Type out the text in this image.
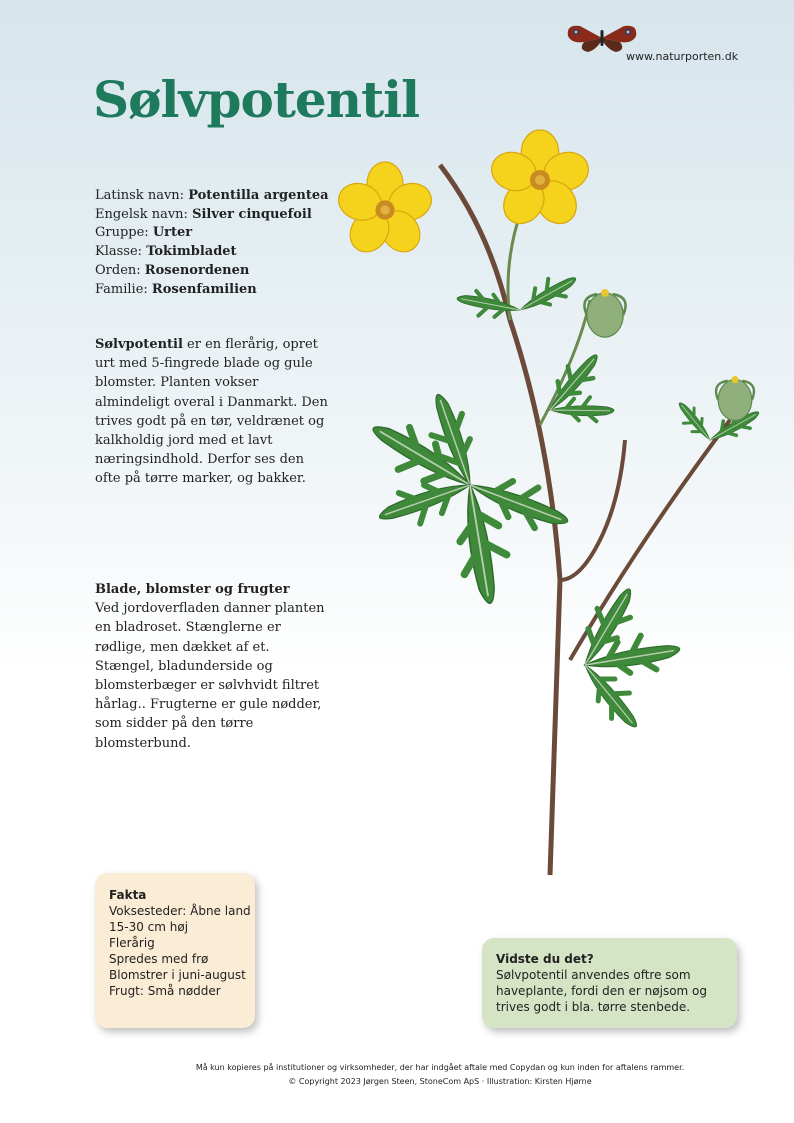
www.naturporten.dk
Sølvpotentil
Latinsk navn: Potentilla argentea
Engelsk navn: Silver cinquefoil
Gruppe: Urter
Klasse: Tokimbladet
Orden: Rosenordenen
Familie: Rosenfamilien

Sølvpotentil er en flerårig, opret urt med 5-fingrede blade og gule blomster. Planten vokser almindeligt overal i Danmarkt. Den trives godt på en tør, veldrænet og kalkholdig jord med et lavt næringsindhold. Derfor ses den ofte på tørre marker, og bakker.

Blade, blomster og frugter

Ved jordoverfladen danner planten en bladroset. Stænglerne er rødlige, men dækket af et. Stængel, bladunderside og blomsterbæger er sølvhvidt filtret hårlag.. Frugterne er gule nødder, som sidder på den tørre blomsterbund.

Fakta
Voksesteder: Åbne land
15-30 cm høj
Flerårig
Spredes med frø
Blomstrer i juni-august
Frugt: Små nødder
Vidste du det?
Sølvpotentil anvendes oftre som haveplante, fordi den er nøjsom og trives godt i bla. tørre stenbede.
Må kun kopieres på institutioner og virksomheder, der har indgået aftale med Copydan og kun inden for aftalens rammer.
© Copyright 2023 Jørgen Steen, StoneCom ApS · Illustration: Kirsten Hjørne
